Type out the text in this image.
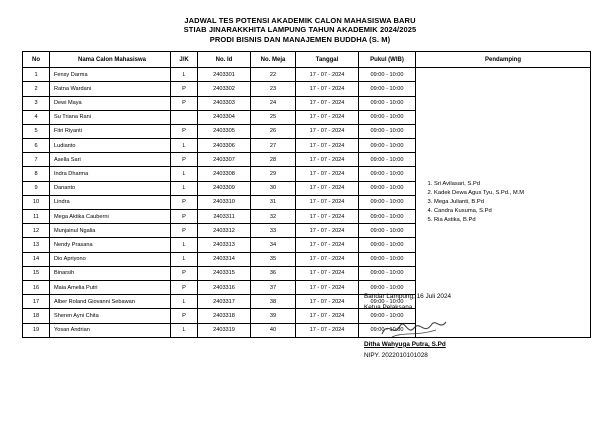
JADWAL TES POTENSI AKADEMIK CALON MAHASISWA BARU
STIAB JINARAKKHITA LAMPUNG TAHUN AKADEMIK 2024/2025
PRODI BISNIS DAN MANAJEMEN BUDDHA (S. M)
No	Nama Calon Mahasiswa	J/K	No. Id	No. Meja	Tanggal	Pukul (WIB)	Pendamping
1	Fensy Darma	L	2403301	22	17 - 07 - 2024	09:00 - 10:00	
1. Sri Avilasari, S.Pd
2. Kadek Dewa Agus Tyu, S.Pd., M.M
3. Mega Julianti, B.Pd
4. Candra Kusuma, S.Pd
5. Ria Astika, B.Pd

2	Ratna Wardani	P	2403302	23	17 - 07 - 2024	09:00 - 10:00	
3	Dewi Maya	P	2403303	24	17 - 07 - 2024	09:00 - 10:00	
4	Su Triana Rani		2403304	25	17 - 07 - 2024	09:00 - 10:00	
5	Fitri Riyanti	P	2403305	26	17 - 07 - 2024	09:00 - 10:00	
6	Ludianto	L	2403306	27	17 - 07 - 2024	09:00 - 10:00	
7	Asella Sari	P	2403307	28	17 - 07 - 2024	09:00 - 10:00	
8	Indra Dharma	L	2403308	29	17 - 07 - 2024	09:00 - 10:00	
9	Dananto	L	2403309	30	17 - 07 - 2024	09:00 - 10:00	
10	Lindra	P	2403310	31	17 - 07 - 2024	09:00 - 10:00	
11	Mega Aktika Cauberni	P	2403311	32	17 - 07 - 2024	09:00 - 10:00	
12	Munjainul Ngalia	P	2403312	33	17 - 07 - 2024	09:00 - 10:00	
13	Nendy Prasana	L	2403313	34	17 - 07 - 2024	09:00 - 10:00	
14	Dio Apriyono	L	2403314	35	17 - 07 - 2024	09:00 - 10:00	
15	Binarsih	P	2403315	36	17 - 07 - 2024	09:00 - 10:00	
16	Maia Amelia Putri	P	2403316	37	17 - 07 - 2024	09:00 - 10:00	
17	Alber Roland Giovanni Sebawan	L	2403317	38	17 - 07 - 2024	09:00 - 10:00	
18	Sheren Ayni Chita	P	2403318	39	17 - 07 - 2024	09:00 - 10:00	
19	Yosan Andrian	L	2403319	40	17 - 07 - 2024	09:00 - 10:00	
Bandar Lampung, 16 Juli 2024
Ketua Pelaksana
Ditha Wahyuga Putra, S.Pd
NIPY. 2022010101028
